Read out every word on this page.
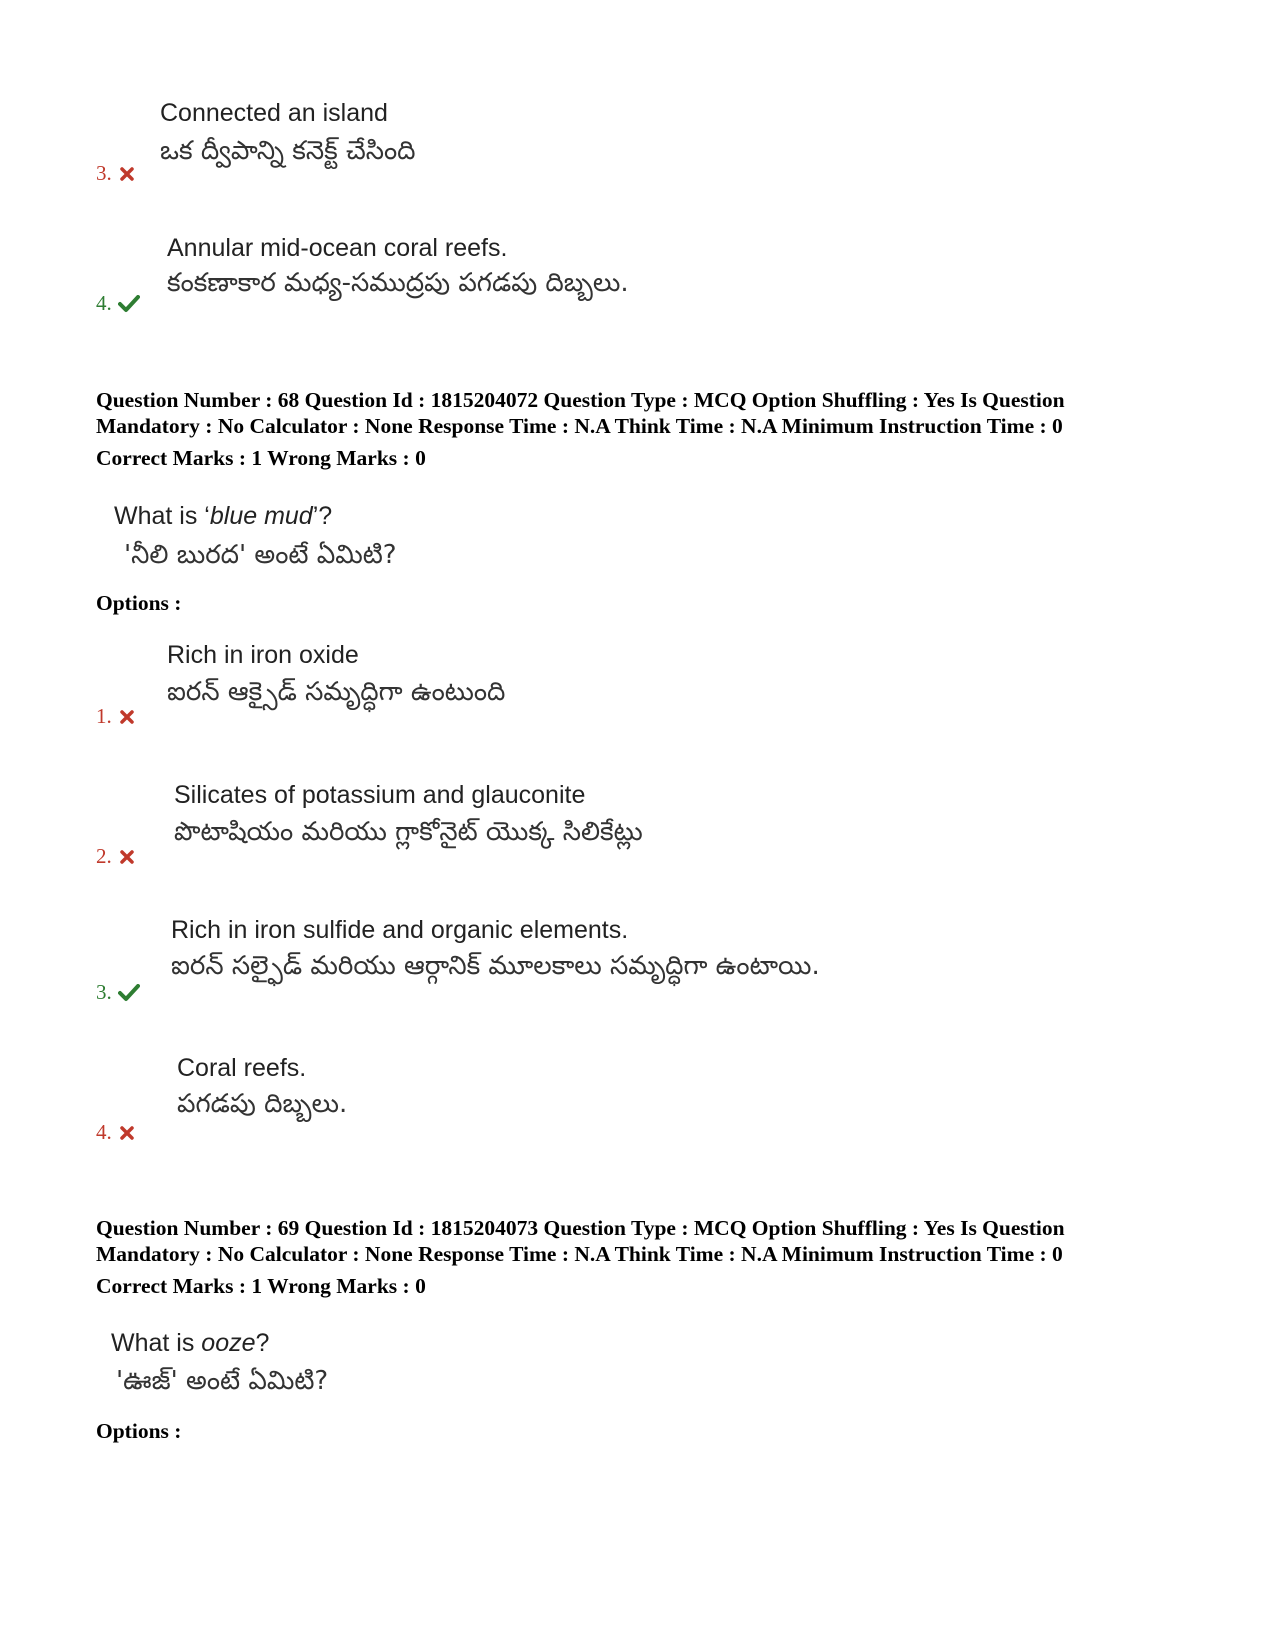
Connected an island
ఒక ద్వీపాన్ని కనెక్ట్ చేసింది
3.
Annular mid-ocean coral reefs.
కంకణాకార మధ్య-సముద్రపు పగడపు దిబ్బలు.
4.
Question Number : 68 Question Id : 1815204072 Question Type : MCQ Option Shuffling : Yes Is Question
Mandatory : No Calculator : None Response Time : N.A Think Time : N.A Minimum Instruction Time : 0
Correct Marks : 1 Wrong Marks : 0
What is ‘blue mud’?
'నీలి బురద' అంటే ఏమిటి?
Options :
Rich in iron oxide
ఐరన్ ఆక్సైడ్ సమృద్ధిగా ఉంటుంది
1.
Silicates of potassium and glauconite
పొటాషియం మరియు గ్లాకోనైట్ యొక్క సిలికేట్లు
2.
Rich in iron sulfide and organic elements.
ఐరన్ సల్ఫైడ్ మరియు ఆర్గానిక్ మూలకాలు సమృద్ధిగా ఉంటాయి.
3.
Coral reefs.
పగడపు దిబ్బలు.
4.
Question Number : 69 Question Id : 1815204073 Question Type : MCQ Option Shuffling : Yes Is Question
Mandatory : No Calculator : None Response Time : N.A Think Time : N.A Minimum Instruction Time : 0
Correct Marks : 1 Wrong Marks : 0
What is ooze?
'ఊజ్' అంటే ఏమిటి?
Options :
